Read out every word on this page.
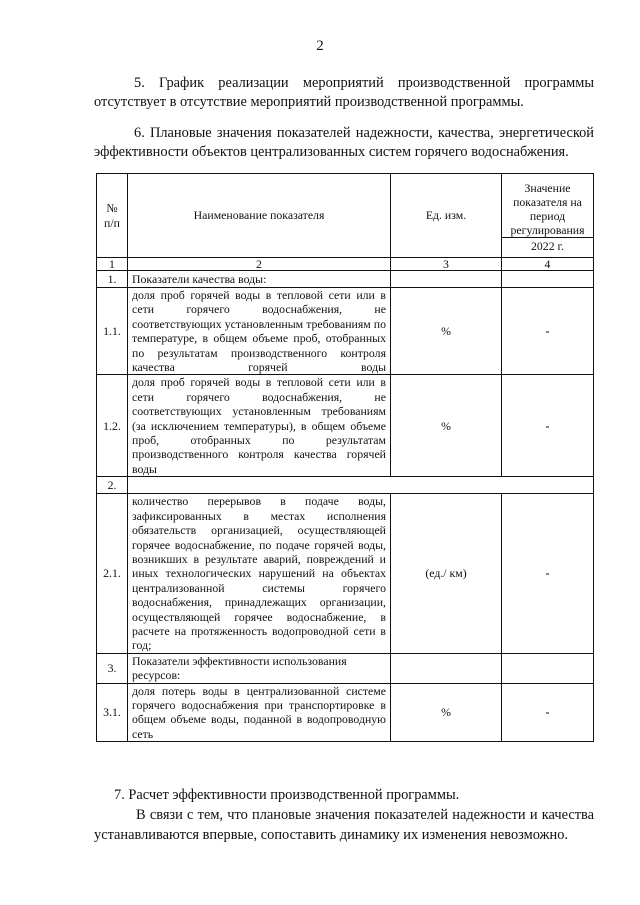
2
5. График реализации мероприятий производственной программы отсутствует в отсутствие мероприятий производственной программы.
6. Плановые значения показателей надежности, качества, энергетической эффективности объектов централизованных систем горячего водоснабжения.
№ п/п	Наименование показателя	Ед. изм.	Значение показателя на период регулирования
2022 г.

1	2	3	4
1.	Показатели качества воды:		
1.1.	доля проб горячей воды в тепловой сети или в сети горячего водоснабжения, не соответствующих установленным требованиям по температуре, в общем объеме проб, отобранных по результатам производственного контроля качества горячей воды	%	-
1.2.	доля проб горячей воды в тепловой сети или в сети горячего водоснабжения, не соответствующих установленным требованиям (за исключением температуры), в общем объеме проб, отобранных по результатам производственного контроля качества горячей воды	%	-
2.			
2.1.	количество перерывов в подаче воды, зафиксированных в местах исполнения обязательств организацией, осуществляющей горячее водоснабжение, по подаче горячей воды, возникших в результате аварий, повреждений и иных технологических нарушений на объектах централизованной системы горячего водоснабжения, принадлежащих организации, осуществляющей горячее водоснабжение, в расчете на протяженность водопроводной сети в год;	(ед./ км)	-
3.	Показатели эффективности использования ресурсов:		
3.1.	доля потерь воды в централизованной системе горячего водоснабжения при транспортировке в общем объеме воды, поданной в водопроводную сеть	%	-
7. Расчет эффективности производственной программы.
В связи с тем, что плановые значения показателей надежности и качества устанавливаются впервые, сопоставить динамику их изменения невозможно.
